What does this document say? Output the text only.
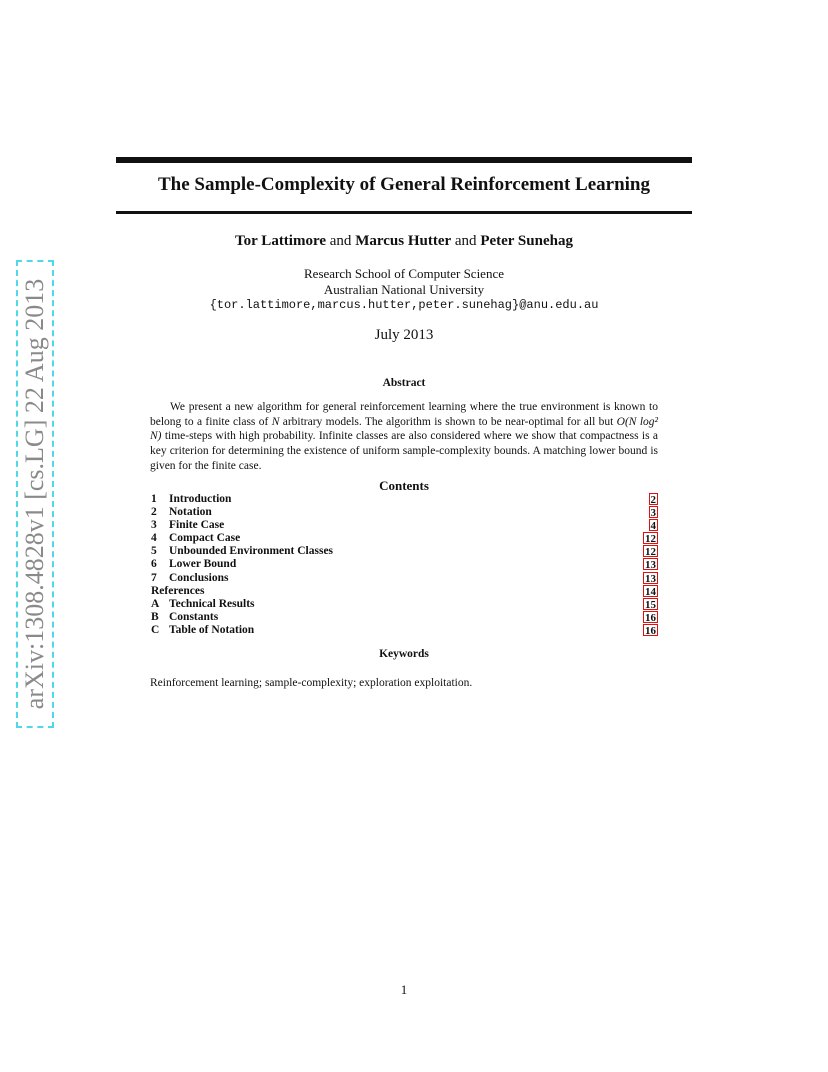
arXiv:1308.4828v1 [cs.LG] 22 Aug 2013
The Sample-Complexity of General Reinforcement Learning
Tor Lattimore and Marcus Hutter and Peter Sunehag
Research School of Computer Science
Australian National University
{tor.lattimore,marcus.hutter,peter.sunehag}@anu.edu.au
July 2013
Abstract
We present a new algorithm for general reinforcement learning where the true environment is known to belong to a finite class of N arbitrary models. The algorithm is shown to be near-optimal for all but O(N log² N) time-steps with high probability. Infinite classes are also considered where we show that compactness is a key criterion for determining the existence of uniform sample-complexity bounds. A matching lower bound is given for the finite case.
Contents
1	Introduction	2
2	Notation	3
3	Finite Case	4
4	Compact Case	12
5	Unbounded Environment Classes	12
6	Lower Bound	13
7	Conclusions	13
References	14
A Technical Results	15
B Constants	16
C Table of Notation	16
Keywords
Reinforcement learning; sample-complexity; exploration exploitation.
1
